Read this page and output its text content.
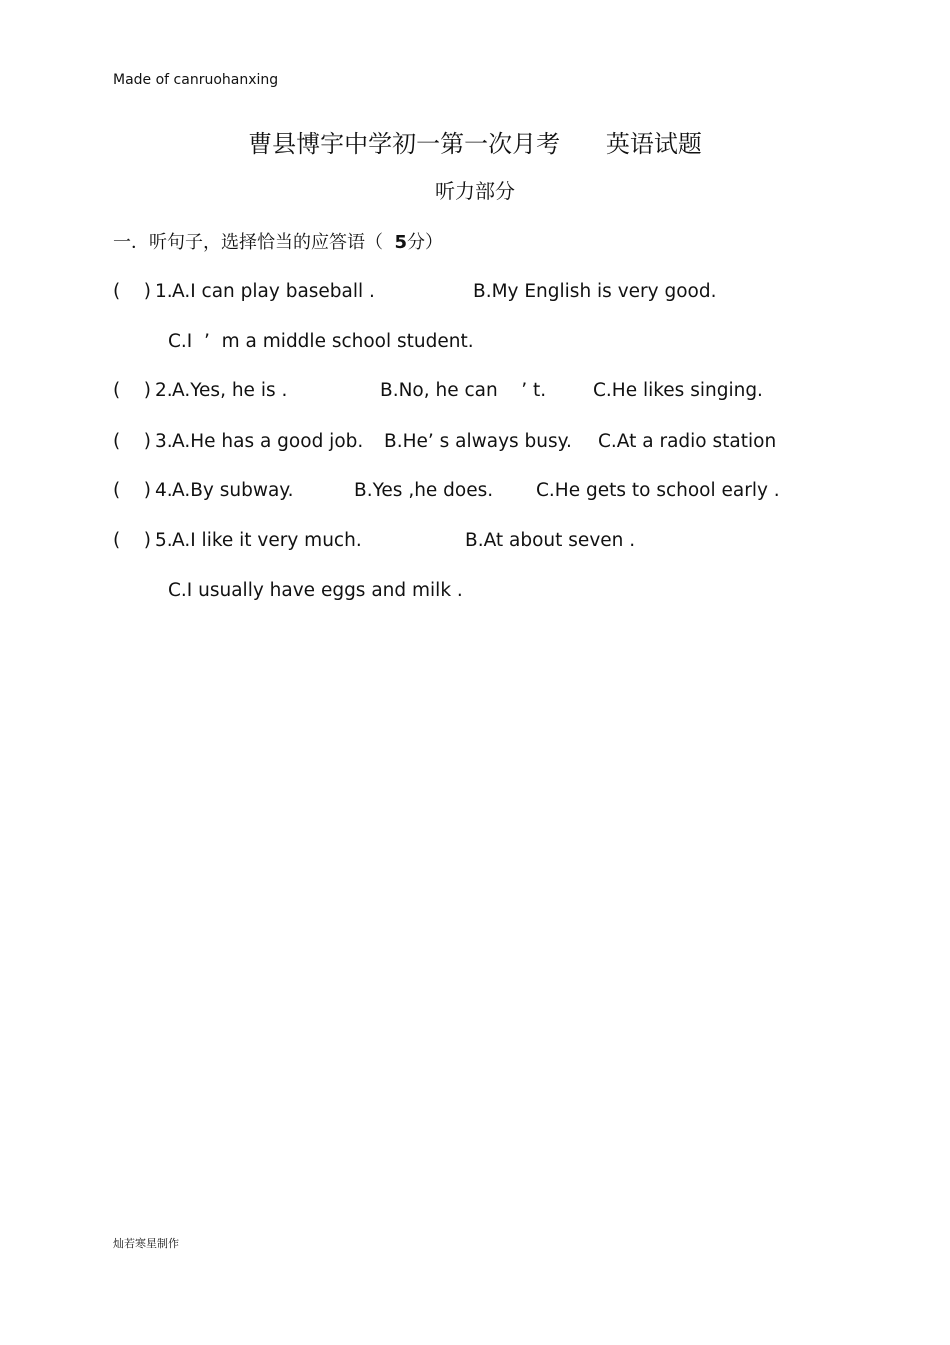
Made of canruohanxing
曹县博宇中学初一第一次月考      英语试题
听力部分
一．听句子，选择恰当的应答语（  5分）
(    ) 1. A.I can play baseball .	B.My English is very good.
C.I  ’  m a middle school student.
(    ) 2. A.Yes, he is .	B.No, he can    ’ t.	C.He likes singing.
(    ) 3. A.He has a good job. B.He’ s always busy. C.At a radio station
(    ) 4. A.By subway.	B.Yes ,he does. C.He gets to school early .
(    ) 5. A.I like it very much.	B.At about seven .
C.I usually have eggs and milk .
灿若寒星制作
